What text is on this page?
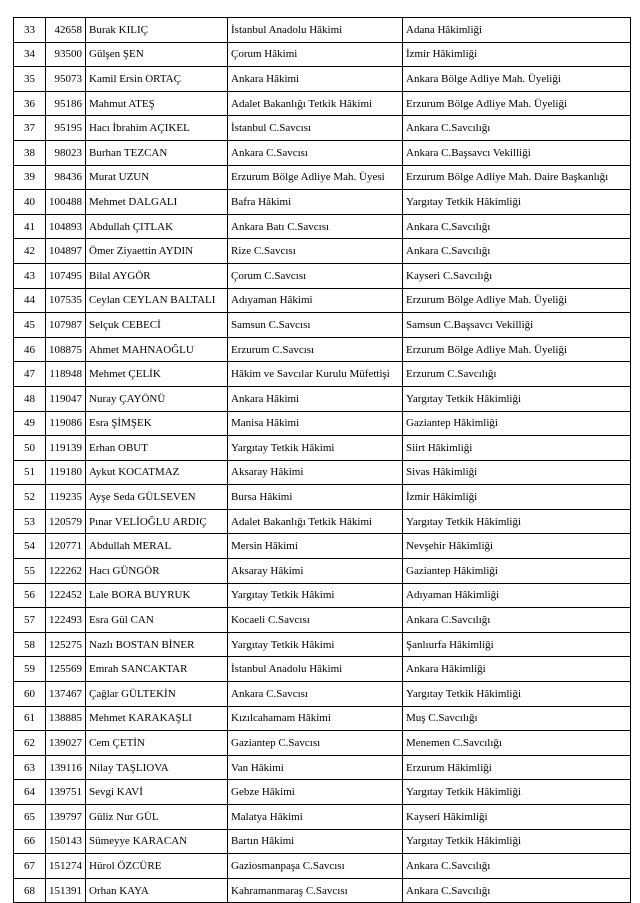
33	42658	Burak KILIÇ	İstanbul Anadolu Hâkimi	Adana Hâkimliği
34	93500	Gülşen ŞEN	Çorum Hâkimi	İzmir Hâkimliği
35	95073	Kamil Ersin ORTAÇ	Ankara Hâkimi	Ankara Bölge Adliye Mah. Üyeliği
36	95186	Mahmut ATEŞ	Adalet Bakanlığı Tetkik Hâkimi	Erzurum Bölge Adliye Mah. Üyeliği
37	95195	Hacı İbrahim AÇIKEL	İstanbul C.Savcısı	Ankara C.Savcılığı
38	98023	Burhan TEZCAN	Ankara C.Savcısı	Ankara C.Başsavcı Vekilliği
39	98436	Murat UZUN	Erzurum Bölge Adliye Mah. Üyesi	Erzurum Bölge Adliye Mah. Daire Başkanlığı
40	100488	Mehmet DALGALI	Bafra Hâkimi	Yargıtay Tetkik Hâkimliği
41	104893	Abdullah ÇITLAK	Ankara Batı C.Savcısı	Ankara C.Savcılığı
42	104897	Ömer Ziyaettin AYDIN	Rize C.Savcısı	Ankara C.Savcılığı
43	107495	Bilal AYGÖR	Çorum C.Savcısı	Kayseri C.Savcılığı
44	107535	Ceylan CEYLAN BALTALI	Adıyaman Hâkimi	Erzurum Bölge Adliye Mah. Üyeliği
45	107987	Selçuk CEBECİ	Samsun C.Savcısı	Samsun C.Başsavcı Vekilliği
46	108875	Ahmet MAHNAOĞLU	Erzurum C.Savcısı	Erzurum Bölge Adliye Mah. Üyeliği
47	118948	Mehmet ÇELİK	Hâkim ve Savcılar Kurulu Müfettişi	Erzurum C.Savcılığı
48	119047	Nuray ÇAYÖNÜ	Ankara Hâkimi	Yargıtay Tetkik Hâkimliği
49	119086	Esra ŞİMŞEK	Manisa Hâkimi	Gaziantep Hâkimliği
50	119139	Erhan OBUT	Yargıtay Tetkik Hâkimi	Siirt Hâkimliği
51	119180	Aykut KOCATMAZ	Aksaray Hâkimi	Sivas Hâkimliği
52	119235	Ayşe Seda GÜLSEVEN	Bursa Hâkimi	İzmir Hâkimliği
53	120579	Pınar VELİOĞLU ARDIÇ	Adalet Bakanlığı Tetkik Hâkimi	Yargıtay Tetkik Hâkimliği
54	120771	Abdullah MERAL	Mersin Hâkimi	Nevşehir Hâkimliği
55	122262	Hacı GÜNGÖR	Aksaray Hâkimi	Gaziantep Hâkimliği
56	122452	Lale BORA BUYRUK	Yargıtay Tetkik Hâkimi	Adıyaman Hâkimliği
57	122493	Esra Gül CAN	Kocaeli C.Savcısı	Ankara C.Savcılığı
58	125275	Nazlı BOSTAN BİNER	Yargıtay Tetkik Hâkimi	Şanlıurfa Hâkimliği
59	125569	Emrah SANCAKTAR	İstanbul Anadolu Hâkimi	Ankara Hâkimliği
60	137467	Çağlar GÜLTEKİN	Ankara C.Savcısı	Yargıtay Tetkik Hâkimliği
61	138885	Mehmet KARAKAŞLI	Kızılcahamam Hâkimi	Muş C.Savcılığı
62	139027	Cem ÇETİN	Gaziantep C.Savcısı	Menemen C.Savcılığı
63	139116	Nilay TAŞLIOVA	Van Hâkimi	Erzurum Hâkimliği
64	139751	Sevgi KAVİ	Gebze Hâkimi	Yargıtay Tetkik Hâkimliği
65	139797	Güliz Nur GÜL	Malatya Hâkimi	Kayseri Hâkimliği
66	150143	Sümeyye KARACAN	Bartın Hâkimi	Yargıtay Tetkik Hâkimliği
67	151274	Hürol ÖZCÜRE	Gaziosmanpaşa C.Savcısı	Ankara C.Savcılığı
68	151391	Orhan KAYA	Kahramanmaraş C.Savcısı	Ankara C.Savcılığı
